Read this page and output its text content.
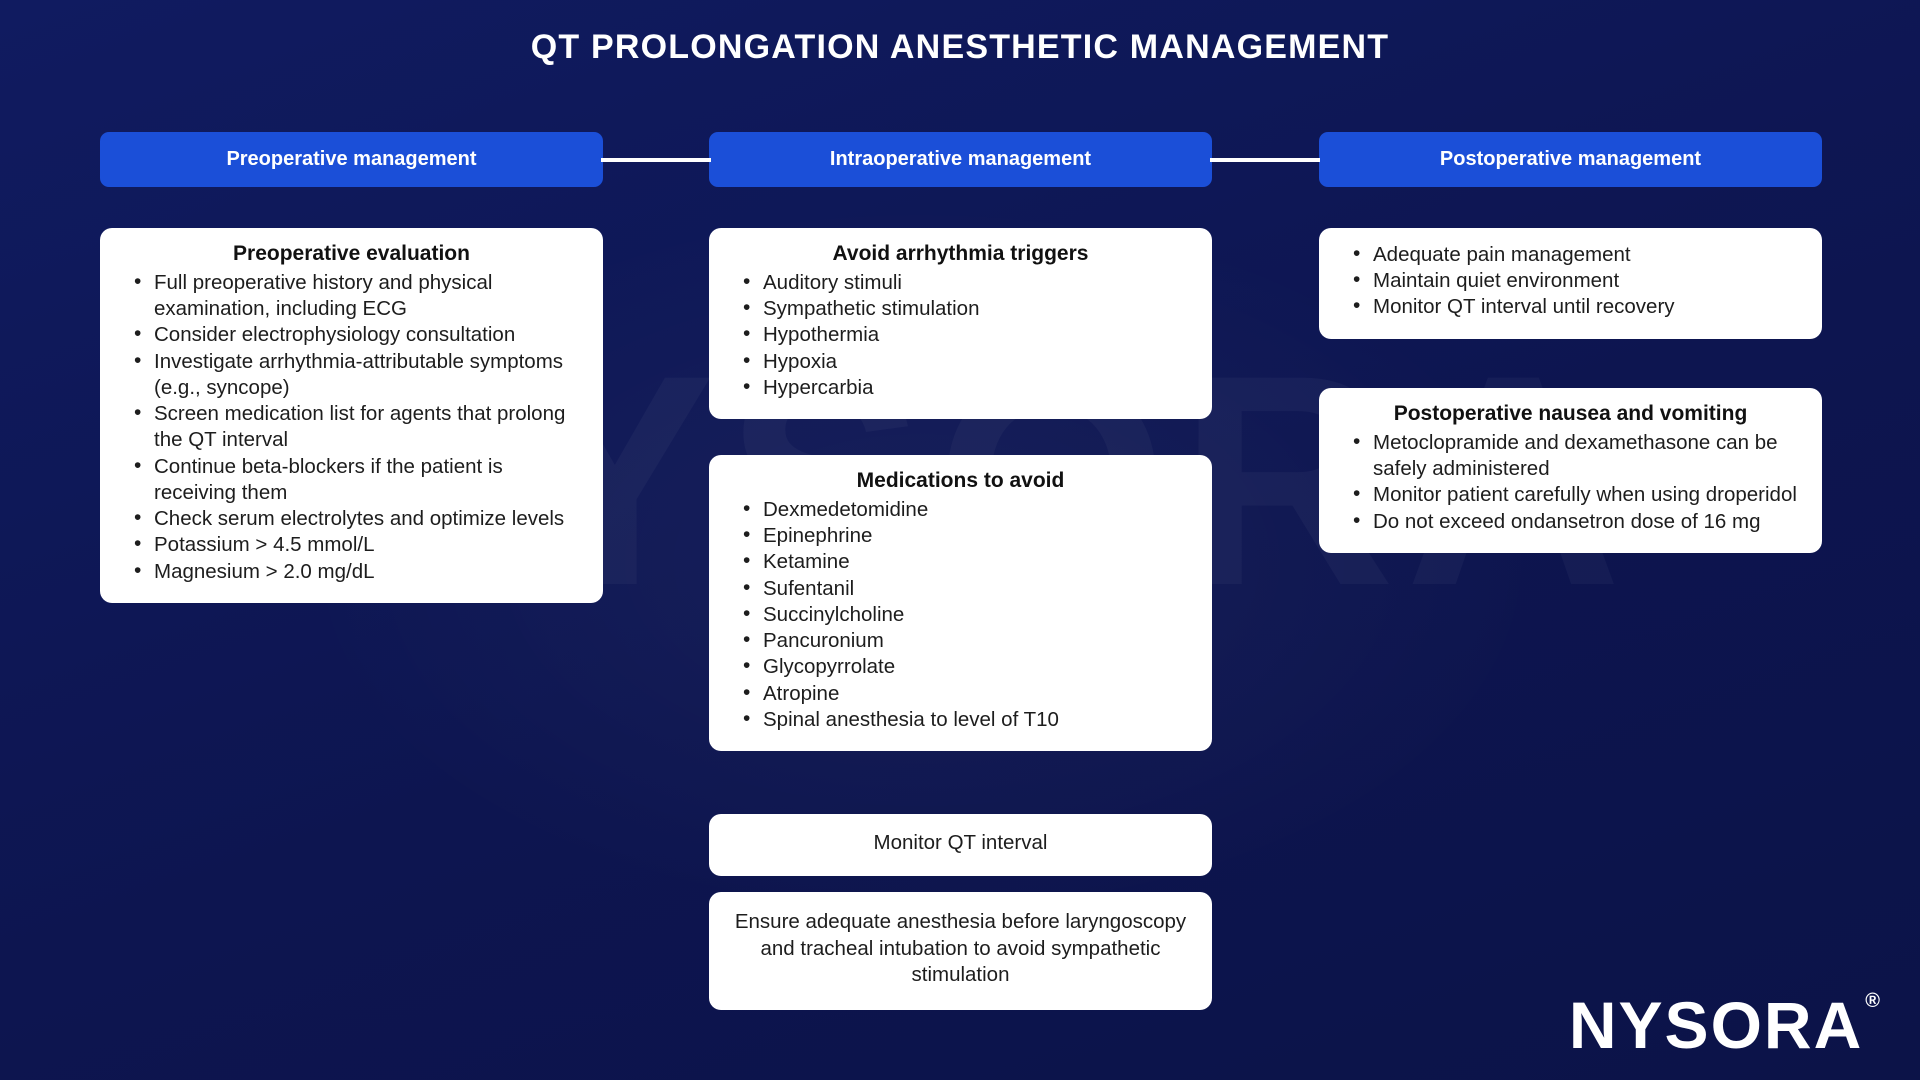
QT PROLONGATION ANESTHETIC MANAGEMENT
Preoperative management	Intraoperative management	Postoperative management
Preoperative evaluation
• Full preoperative history and physical examination, including ECG
• Consider electrophysiology consultation
• Investigate arrhythmia-attributable symptoms (e.g., syncope)
• Screen medication list for agents that prolong the QT interval
• Continue beta-blockers if the patient is receiving them
• Check serum electrolytes and optimize levels
• Potassium > 4.5 mmol/L
• Magnesium > 2.0 mg/dL
Avoid arrhythmia triggers
• Auditory stimuli
• Sympathetic stimulation
• Hypothermia
• Hypoxia
• Hypercarbia
Medications to avoid
• Dexmedetomidine
• Epinephrine
• Ketamine
• Sufentanil
• Succinylcholine
• Pancuronium
• Glycopyrrolate
• Atropine
• Spinal anesthesia to level of T10
Monitor QT interval
Ensure adequate anesthesia before laryngoscopy and tracheal intubation to avoid sympathetic stimulation
• Adequate pain management
• Maintain quiet environment
• Monitor QT interval until recovery
Postoperative nausea and vomiting
• Metoclopramide and dexamethasone can be safely administered
• Monitor patient carefully when using droperidol
• Do not exceed ondansetron dose of 16 mg
NYSORA ®
